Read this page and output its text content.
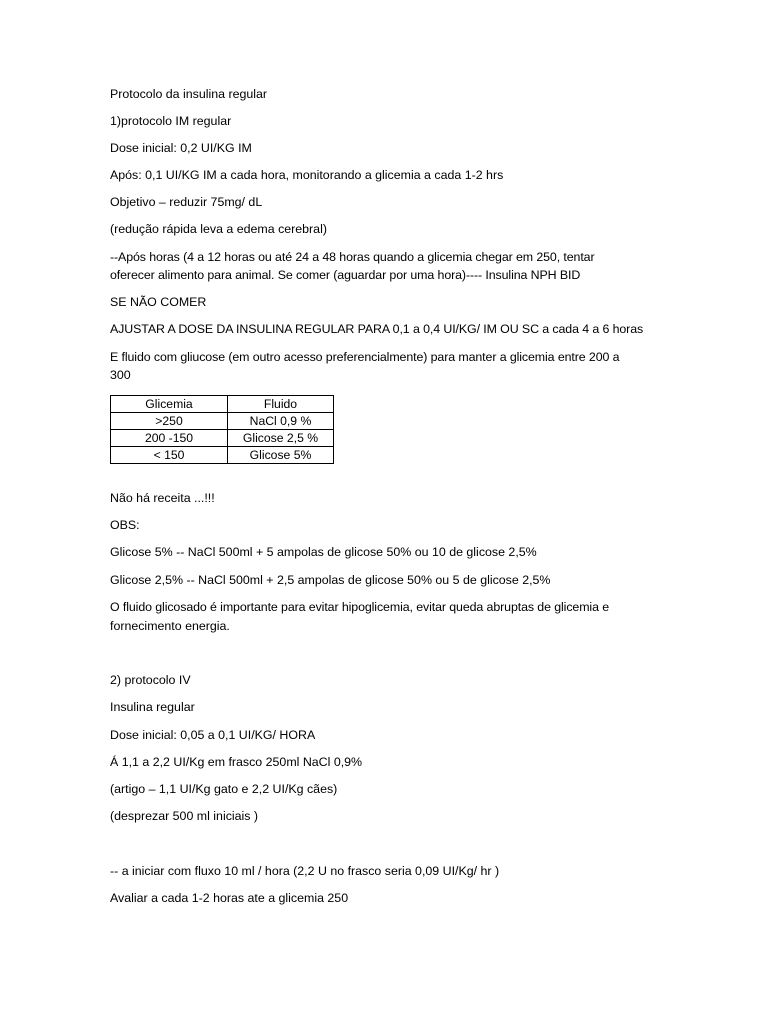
Protocolo da insulina regular

1)protocolo IM regular

Dose inicial: 0,2 UI/KG IM

Após: 0,1 UI/KG IM a cada hora, monitorando a glicemia a cada 1-2 hrs

Objetivo – reduzir 75mg/ dL

(redução rápida leva a edema cerebral)

--Após horas (4 a 12 horas ou até 24 a 48 horas quando a glicemia chegar em 250, tentar

oferecer alimento para animal. Se comer (aguardar por uma hora)---- Insulina NPH BID

SE NÃO COMER

AJUSTAR A DOSE DA INSULINA REGULAR PARA 0,1 a 0,4 UI/KG/ IM OU SC a cada 4 a 6 horas

E fluido com gliucose (em outro acesso preferencialmente) para manter a glicemia entre 200 a

300

Glicemia	Fluido
>250	NaCl 0,9 %
200 -150	Glicose 2,5 %
< 150	Glicose 5%

Não há receita ...!!!

OBS:

Glicose 5% -- NaCl 500ml + 5 ampolas de glicose 50% ou 10 de glicose 2,5%

Glicose 2,5% -- NaCl 500ml + 2,5 ampolas de glicose 50% ou 5 de glicose 2,5%

O fluido glicosado é importante para evitar hipoglicemia, evitar queda abruptas de glicemia e

fornecimento energia.

2) protocolo IV

Insulina regular

Dose inicial: 0,05 a 0,1 UI/KG/ HORA

Á 1,1 a 2,2 UI/Kg em frasco 250ml NaCl 0,9%

(artigo – 1,1 UI/Kg gato e 2,2 UI/Kg cães)

(desprezar 500 ml iniciais )

-- a iniciar com fluxo 10 ml / hora (2,2 U no frasco seria 0,09 UI/Kg/ hr )

Avaliar a cada 1-2 horas ate a glicemia 250
